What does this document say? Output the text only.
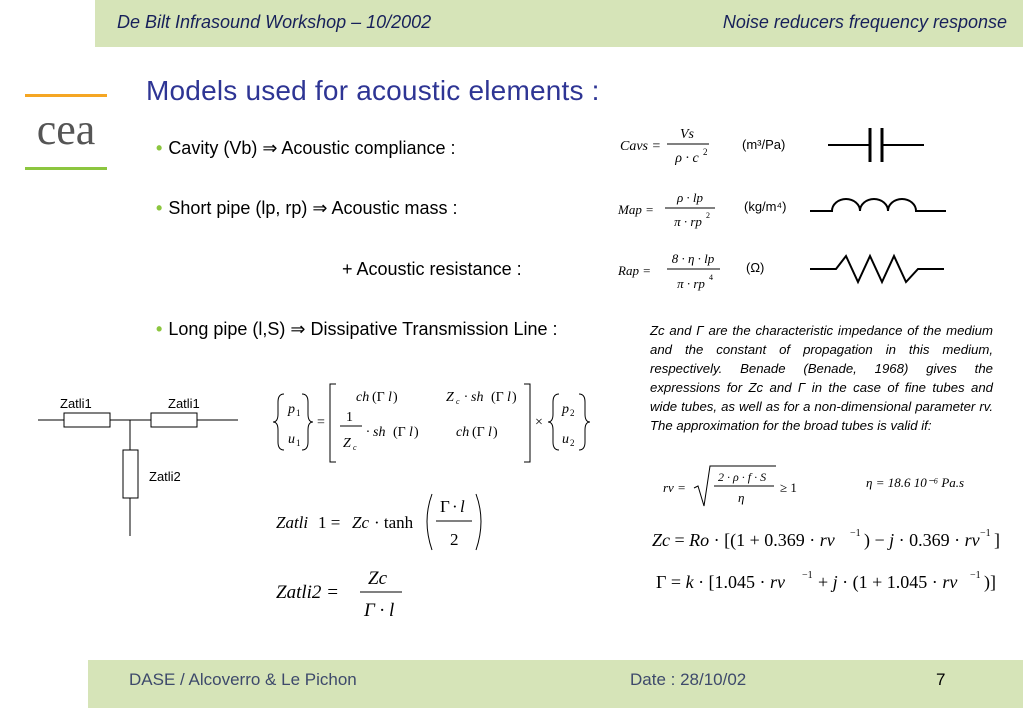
De Bilt Infrasound Workshop – 10/2002	Noise reducers frequency response
cea
Models used for acoustic elements :
• Cavity (Vb) ⇒ Acoustic compliance :
• Short pipe (lp, rp) ⇒ Acoustic mass :
+ Acoustic resistance :
• Long pipe (l,S) ⇒ Dissipative Transmission Line :
Cavs =
Vs
ρ · c 2	(m³/Pa)
Map =
ρ · lp
π · rp 2
(kg/m⁴)
Rap =
8 · η · lp
π · rp 4
(Ω)
Zc and Γ are the characteristic impedance of the medium and the constant of propagation in this medium, respectively. Benade (Benade, 1968) gives the expressions for Zc and Γ in the case of fine tubes and wide tubes, as well as for a non-dimensional parameter rv. The approximation for the broad tubes is valid if:
Zatli1	Zatli1
Zatli2
p 1
u 1
=
ch (Γ l )	Z c · sh (Γ l )
1
Z c
· sh (Γ l )	ch (Γ l )
×
p 2
u 2
Zatli 1 = Zc · tanh
Γ · l
2
Zatli2 =
Zc
Γ · l
rv =
2 · ρ · f · S
η
≥ 1	η = 18.6 10⁻⁶ Pa.s
Zc = Ro · [(1 + 0.369 · rv −1 ) − j · 0.369 · rv −1 ]
Γ = k · [1.045 · rv −1 + j · (1 + 1.045 · rv −1 )]
DASE / Alcoverro & Le Pichon	Date : 28/10/02	7
